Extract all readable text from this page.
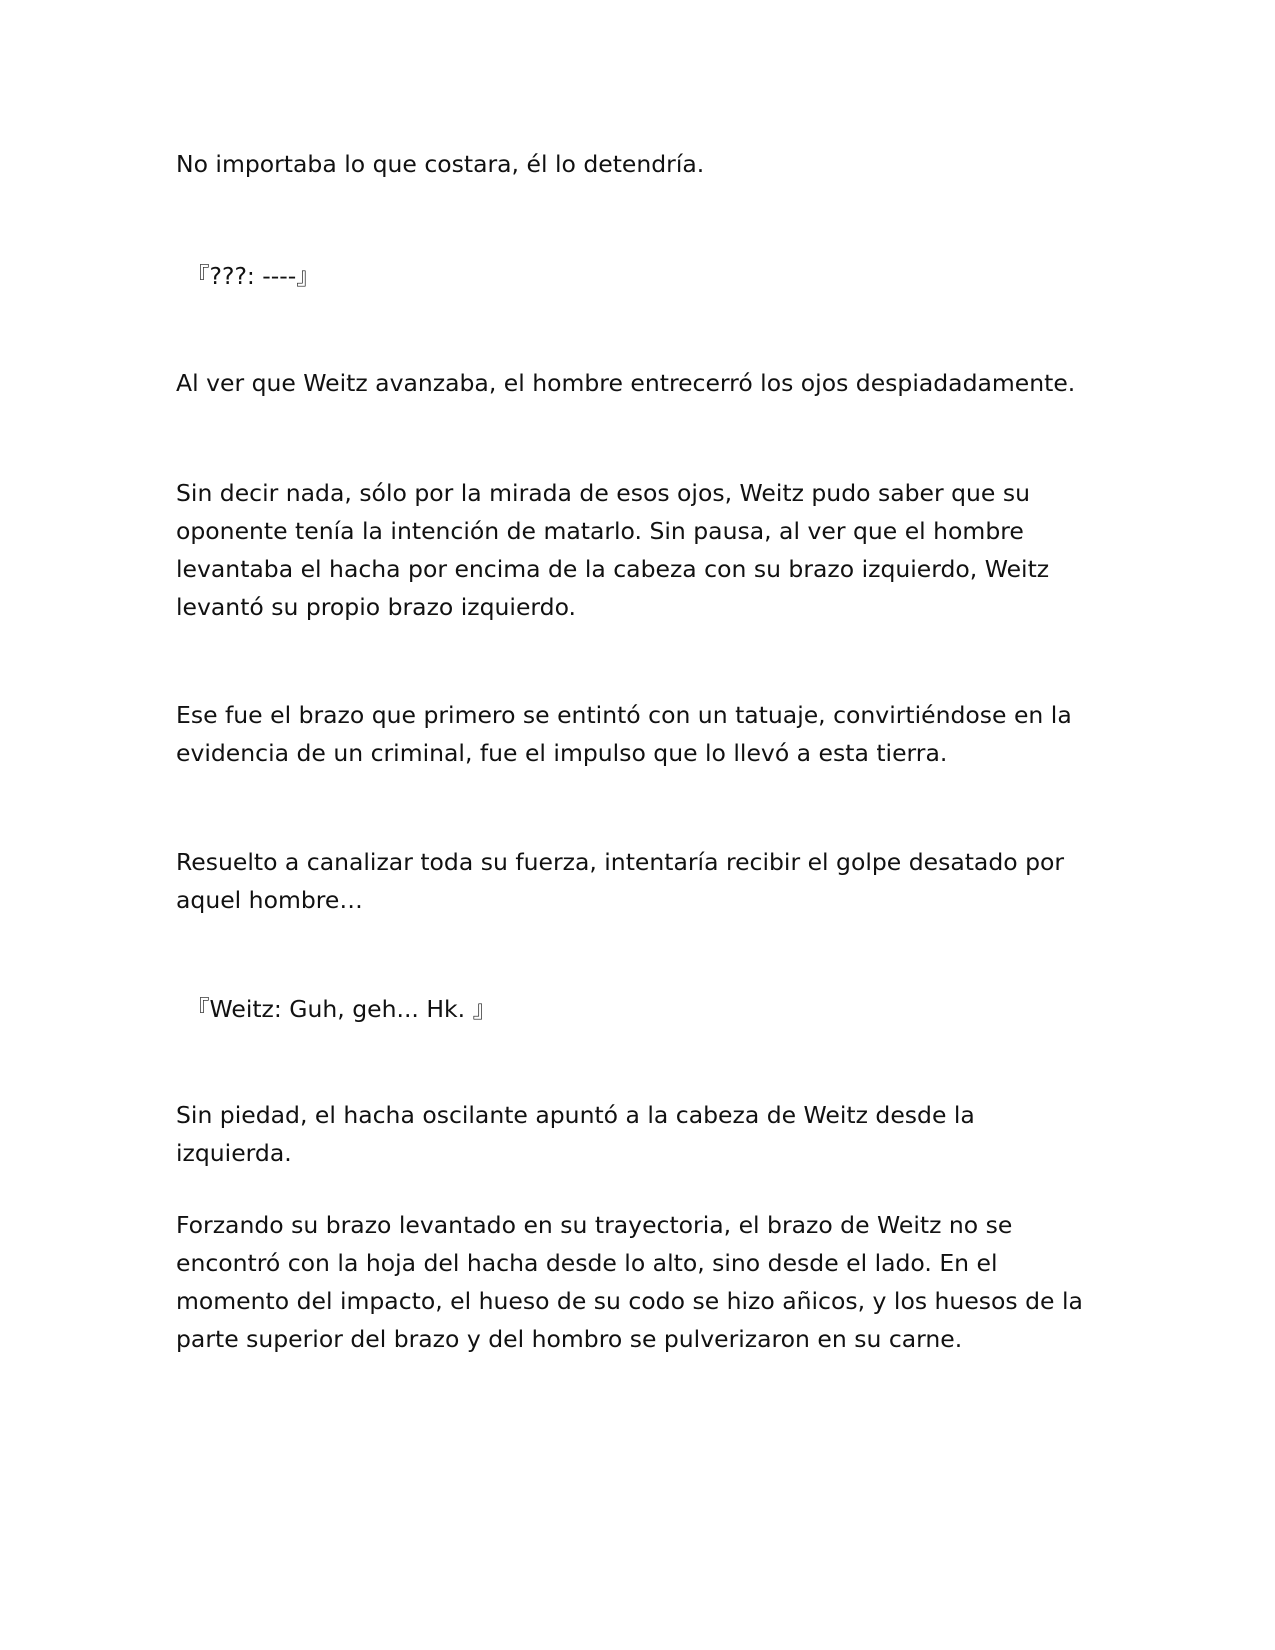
No importaba lo que costara, él lo detendría.

『???: ----』

Al ver que Weitz avanzaba, el hombre entrecerró los ojos despiadadamente.

Sin decir nada, sólo por la mirada de esos ojos, Weitz pudo saber que su oponente tenía la intención de matarlo. Sin pausa, al ver que el hombre levantaba el hacha por encima de la cabeza con su brazo izquierdo, Weitz levantó su propio brazo izquierdo.

Ese fue el brazo que primero se entintó con un tatuaje, convirtiéndose en la evidencia de un criminal, fue el impulso que lo llevó a esta tierra.

Resuelto a canalizar toda su fuerza, intentaría recibir el golpe desatado por aquel hombre…

『Weitz: Guh, geh... Hk. 』

Sin piedad, el hacha oscilante apuntó a la cabeza de Weitz desde la izquierda.

Forzando su brazo levantado en su trayectoria, el brazo de Weitz no se encontró con la hoja del hacha desde lo alto, sino desde el lado. En el momento del impacto, el hueso de su codo se hizo añicos, y los huesos de la parte superior del brazo y del hombro se pulverizaron en su carne.
